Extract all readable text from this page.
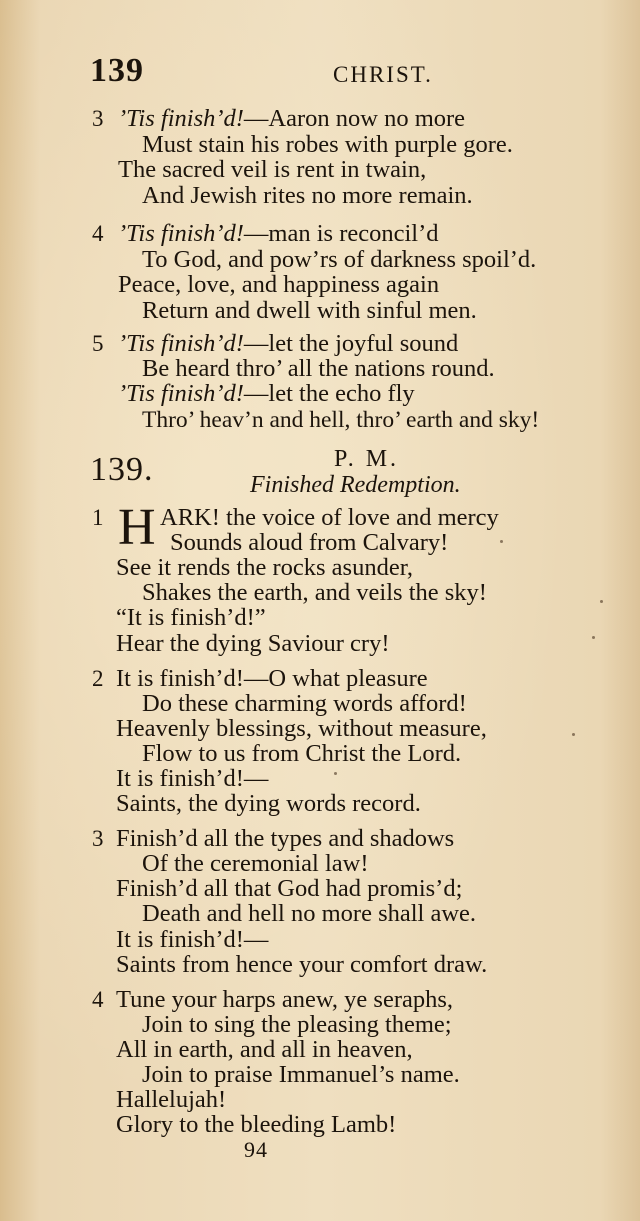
139	CHRIST.
3 ’Tis finish’d!—Aaron now no more
Must stain his robes with purple gore.
The sacred veil is rent in twain,
And Jewish rites no more remain.
4 ’Tis finish’d!—man is reconcil’d
To God, and pow’rs of darkness spoil’d.
Peace, love, and happiness again
Return and dwell with sinful men.
5 ’Tis finish’d!—let the joyful sound
Be heard thro’ all the nations round.
’Tis finish’d!—let the echo fly
Thro’ heav’n and hell, thro’ earth and sky!
139.	P. M.
Finished Redemption.
1 H ARK! the voice of love and mercy
Sounds aloud from Calvary!
See it rends the rocks asunder,
Shakes the earth, and veils the sky!
“It is finish’d!”
Hear the dying Saviour cry!
2 It is finish’d!—O what pleasure
Do these charming words afford!
Heavenly blessings, without measure,
Flow to us from Christ the Lord.
It is finish’d!—
Saints, the dying words record.
3 Finish’d all the types and shadows
Of the ceremonial law!
Finish’d all that God had promis’d;
Death and hell no more shall awe.
It is finish’d!—
Saints from hence your comfort draw.
4 Tune your harps anew, ye seraphs,
Join to sing the pleasing theme;
All in earth, and all in heaven,
Join to praise Immanuel’s name.
Hallelujah!
Glory to the bleeding Lamb!
94
